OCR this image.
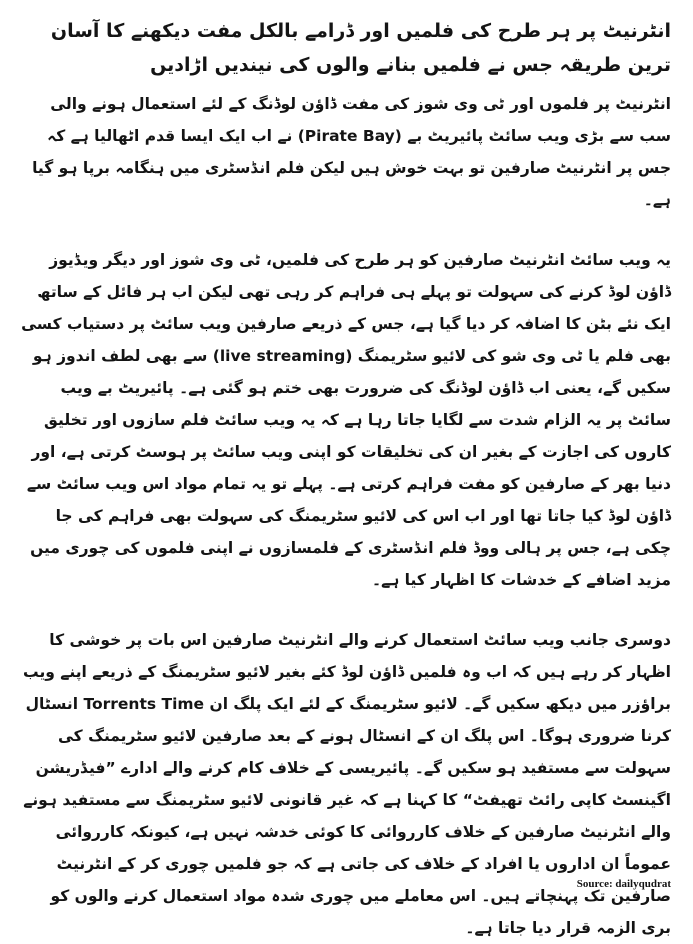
انٹرنیٹ پر ہر طرح کی فلمیں اور ڈرامے بالکل مفت دیکھنے کا آسان ترین طریقہ جس نے فلمیں بنانے والوں کی نیندیں اڑادیں

انٹرنیٹ پر فلموں اور ٹی وی شوز کی مفت ڈاؤن لوڈنگ کے لئے استعمال ہونے والی سب سے بڑی ویب سائٹ پائیریٹ بے (Pirate Bay) نے اب ایک ایسا قدم اٹھالیا ہے کہ جس پر انٹرنیٹ صارفین تو بہت خوش ہیں لیکن فلم انڈسٹری میں ہنگامہ برپا ہو گیا ہے۔

یہ ویب سائٹ انٹرنیٹ صارفین کو ہر طرح کی فلمیں، ٹی وی شوز اور دیگر ویڈیوز ڈاؤن لوڈ کرنے کی سہولت تو پہلے ہی فراہم کر رہی تھی لیکن اب ہر فائل کے ساتھ ایک نئے بٹن کا اضافہ کر دیا گیا ہے، جس کے ذریعے صارفین ویب سائٹ پر دستیاب کسی بھی فلم یا ٹی وی شو کی لائیو سٹریمنگ (live streaming) سے بھی لطف اندوز ہو سکیں گے، یعنی اب ڈاؤن لوڈنگ کی ضرورت بھی ختم ہو گئی ہے۔ پائیریٹ بے ویب سائٹ پر یہ الزام شدت سے لگایا جاتا رہا ہے کہ یہ ویب سائٹ فلم سازوں اور تخلیق کاروں کی اجازت کے بغیر ان کی تخلیقات کو اپنی ویب سائٹ پر ہوسٹ کرتی ہے، اور دنیا بھر کے صارفین کو مفت فراہم کرتی ہے۔ پہلے تو یہ تمام مواد اس ویب سائٹ سے ڈاؤن لوڈ کیا جاتا تھا اور اب اس کی لائیو سٹریمنگ کی سہولت بھی فراہم کی جا چکی ہے، جس پر ہالی ووڈ فلم انڈسٹری کے فلمسازوں نے اپنی فلموں کی چوری میں مزید اضافے کے خدشات کا اظہار کیا ہے۔

دوسری جانب ویب سائٹ استعمال کرنے والے انٹرنیٹ صارفین اس بات پر خوشی کا اظہار کر رہے ہیں کہ اب وہ فلمیں ڈاؤن لوڈ کئے بغیر لائیو سٹریمنگ کے ذریعے اپنے ویب براؤزر میں دیکھ سکیں گے۔ لائیو سٹریمنگ کے لئے ایک پلگ ان Torrents Time انسٹال کرنا ضروری ہوگا۔ اس پلگ ان کے انسٹال ہونے کے بعد صارفین لائیو سٹریمنگ کی سہولت سے مستفید ہو سکیں گے۔ پائیریسی کے خلاف کام کرنے والے ادارے ”فیڈریشن اگینسٹ کاپی رائٹ تھیفٹ“ کا کہنا ہے کہ غیر قانونی لائیو سٹریمنگ سے مستفید ہونے والے انٹرنیٹ صارفین کے خلاف کارروائی کا کوئی خدشہ نہیں ہے، کیونکہ کارروائی عموماً ان اداروں یا افراد کے خلاف کی جاتی ہے کہ جو فلمیں چوری کر کے انٹرنیٹ صارفین تک پہنچاتے ہیں۔ اس معاملے میں چوری شدہ مواد استعمال کرنے والوں کو بری الزمہ قرار دیا جاتا ہے۔

Source: dailyqudrat
